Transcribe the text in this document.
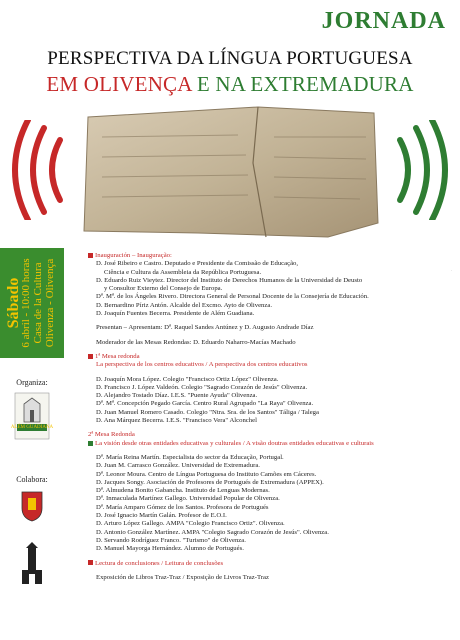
JORNADA
PERSPECTIVA DA LÍNGUA PORTUGUESA
EM OLIVENÇA E NA EXTREMADURA
Sábado
6 abril - 10:00 horas
Casa de la Cultura
Olivenza - Olivença
Organiza:
ALÉM GUADIANA
Colabora:
·
Inauguración – Inauguração:
D. José Ribeiro e Castro. Deputado e Presidente da Comissão de Educação,
Ciência e Cultura da Assembleia da República Portuguesa.
D. Eduardo Ruiz Vieytez. Director del Instituto de Derechos Humanos de la Universidad de Deusto
y Consultor Externo del Consejo de Europa.
Dª. Mª. de los Ángeles Rivero. Directora General de Personal Docente de la Consejería de Educación.
D. Bernardino Píriz Antón. Alcalde del Excmo. Ayto de Olivenza.
D. Joaquín Fuentes Becerra. Presidente de Além Guadiana.
Presentan – Apresentam: Dª. Raquel Sandes Antúnez y D. Augusto Andrade Díaz
Moderador de las Mesas Redondas: D. Eduardo Naharro-Macías Machado
1ª Mesa redonda
La perspectiva de los centros educativos / A perspectiva dos centros educativos
D. Joaquín Mora López. Colegio "Francisco Ortiz López" Olivenza.
D. Francisco J. López Valdeón. Colegio "Sagrado Corazón de Jesús" Olivenza.
D. Alejandro Tostado Díaz. I.E.S. "Puente Ayuda" Olivenza.
Dª. Mª. Concepción Pegado García. Centro Rural Agrupado "La Raya" Olivenza.
D. Juan Manuel Romero Casado. Colegio "Ntra. Sra. de los Santos" Táliga / Talega
D. Ana Márquez Becerra. I.E.S. "Francisco Vera" Alconchel
2ª Mesa Redonda
La visión desde otras entidades educativas y culturales / A visão doutras entidades educativas e culturais
Dª. María Reina Martín. Especialista do sector da Educação, Portugal.
D. Juan M. Carrasco González. Universidad de Extremadura.
Dª. Leonor Moura. Centro de Língua Portuguesa do Instituto Camões em Cáceres.
D. Jacques Songy. Asociación de Profesores de Portugués de Extremadura (APPEX).
Dª. Almudena Bonito Gabancha. Instituto de Lenguas Modernas.
Dª. Inmaculada Martínez Gallego. Universidad Popular de Olivenza.
Dª. María Amparo Gómez de los Santos. Profesora de Portugués
D. José Ignacio Martín Galán. Profesor de E.O.I.
D. Arturo López Gallego. AMPA "Colegio Francisco Ortiz". Olivenza.
D. Antonio González Martínez. AMPA "Colegio Sagrado Corazón de Jesús". Olivenza.
D. Servando Rodríguez Franco. "Turismo" de Olivenza.
D. Manuel Mayorga Hernández. Alumno de Portugués.
Lectura de conclusiones / Leitura de conclusões
Exposición de Libros Traz-Traz / Exposição de Livros Traz-Traz
